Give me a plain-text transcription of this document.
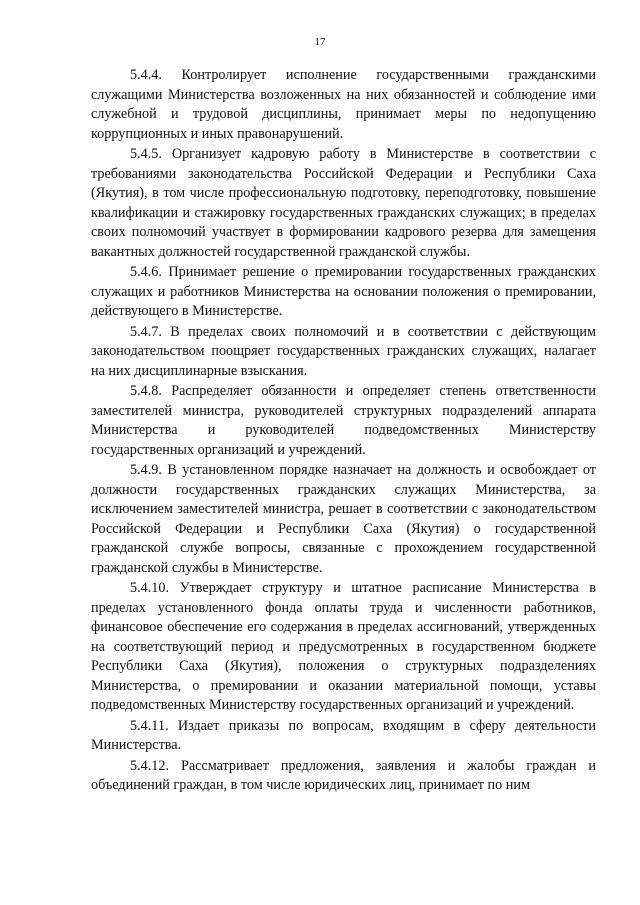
17

5.4.4. Контролирует исполнение государственными гражданскими служащими Министерства возложенных на них обязанностей и соблюдение ими служебной и трудовой дисциплины, принимает меры по недопущению коррупционных и иных правонарушений.

5.4.5. Организует кадровую работу в Министерстве в соответствии с требованиями законодательства Российской Федерации и Республики Саха (Якутия), в том числе профессиональную подготовку, переподготовку, повышение квалификации и стажировку государственных гражданских служащих; в пределах своих полномочий участвует в формировании кадрового резерва для замещения вакантных должностей государственной гражданской службы.

5.4.6. Принимает решение о премировании государственных гражданских служащих и работников Министерства на основании положения о премировании, действующего в Министерстве.

5.4.7. В пределах своих полномочий и в соответствии с действующим законодательством поощряет государственных гражданских служащих, налагает на них дисциплинарные взыскания.

5.4.8. Распределяет обязанности и определяет степень ответственности заместителей министра, руководителей структурных подразделений аппарата Министерства и руководителей подведомственных Министерству государственных организаций и учреждений.

5.4.9. В установленном порядке назначает на должность и освобождает от должности государственных гражданских служащих Министерства, за исключением заместителей министра, решает в соответствии с законодательством Российской Федерации и Республики Саха (Якутия) о государственной гражданской службе вопросы, связанные с прохождением государственной гражданской службы в Министерстве.

5.4.10. Утверждает структуру и штатное расписание Министерства в пределах установленного фонда оплаты труда и численности работников, финансовое обеспечение его содержания в пределах ассигнований, утвержденных на соответствующий период и предусмотренных в государственном бюджете Республики Саха (Якутия), положения о структурных подразделениях Министерства, о премировании и оказании материальной помощи, уставы подведомственных Министерству государственных организаций и учреждений.

5.4.11. Издает приказы по вопросам, входящим в сферу деятельности Министерства.

5.4.12. Рассматривает предложения, заявления и жалобы граждан и объединений граждан, в том числе юридических лиц, принимает по ним
